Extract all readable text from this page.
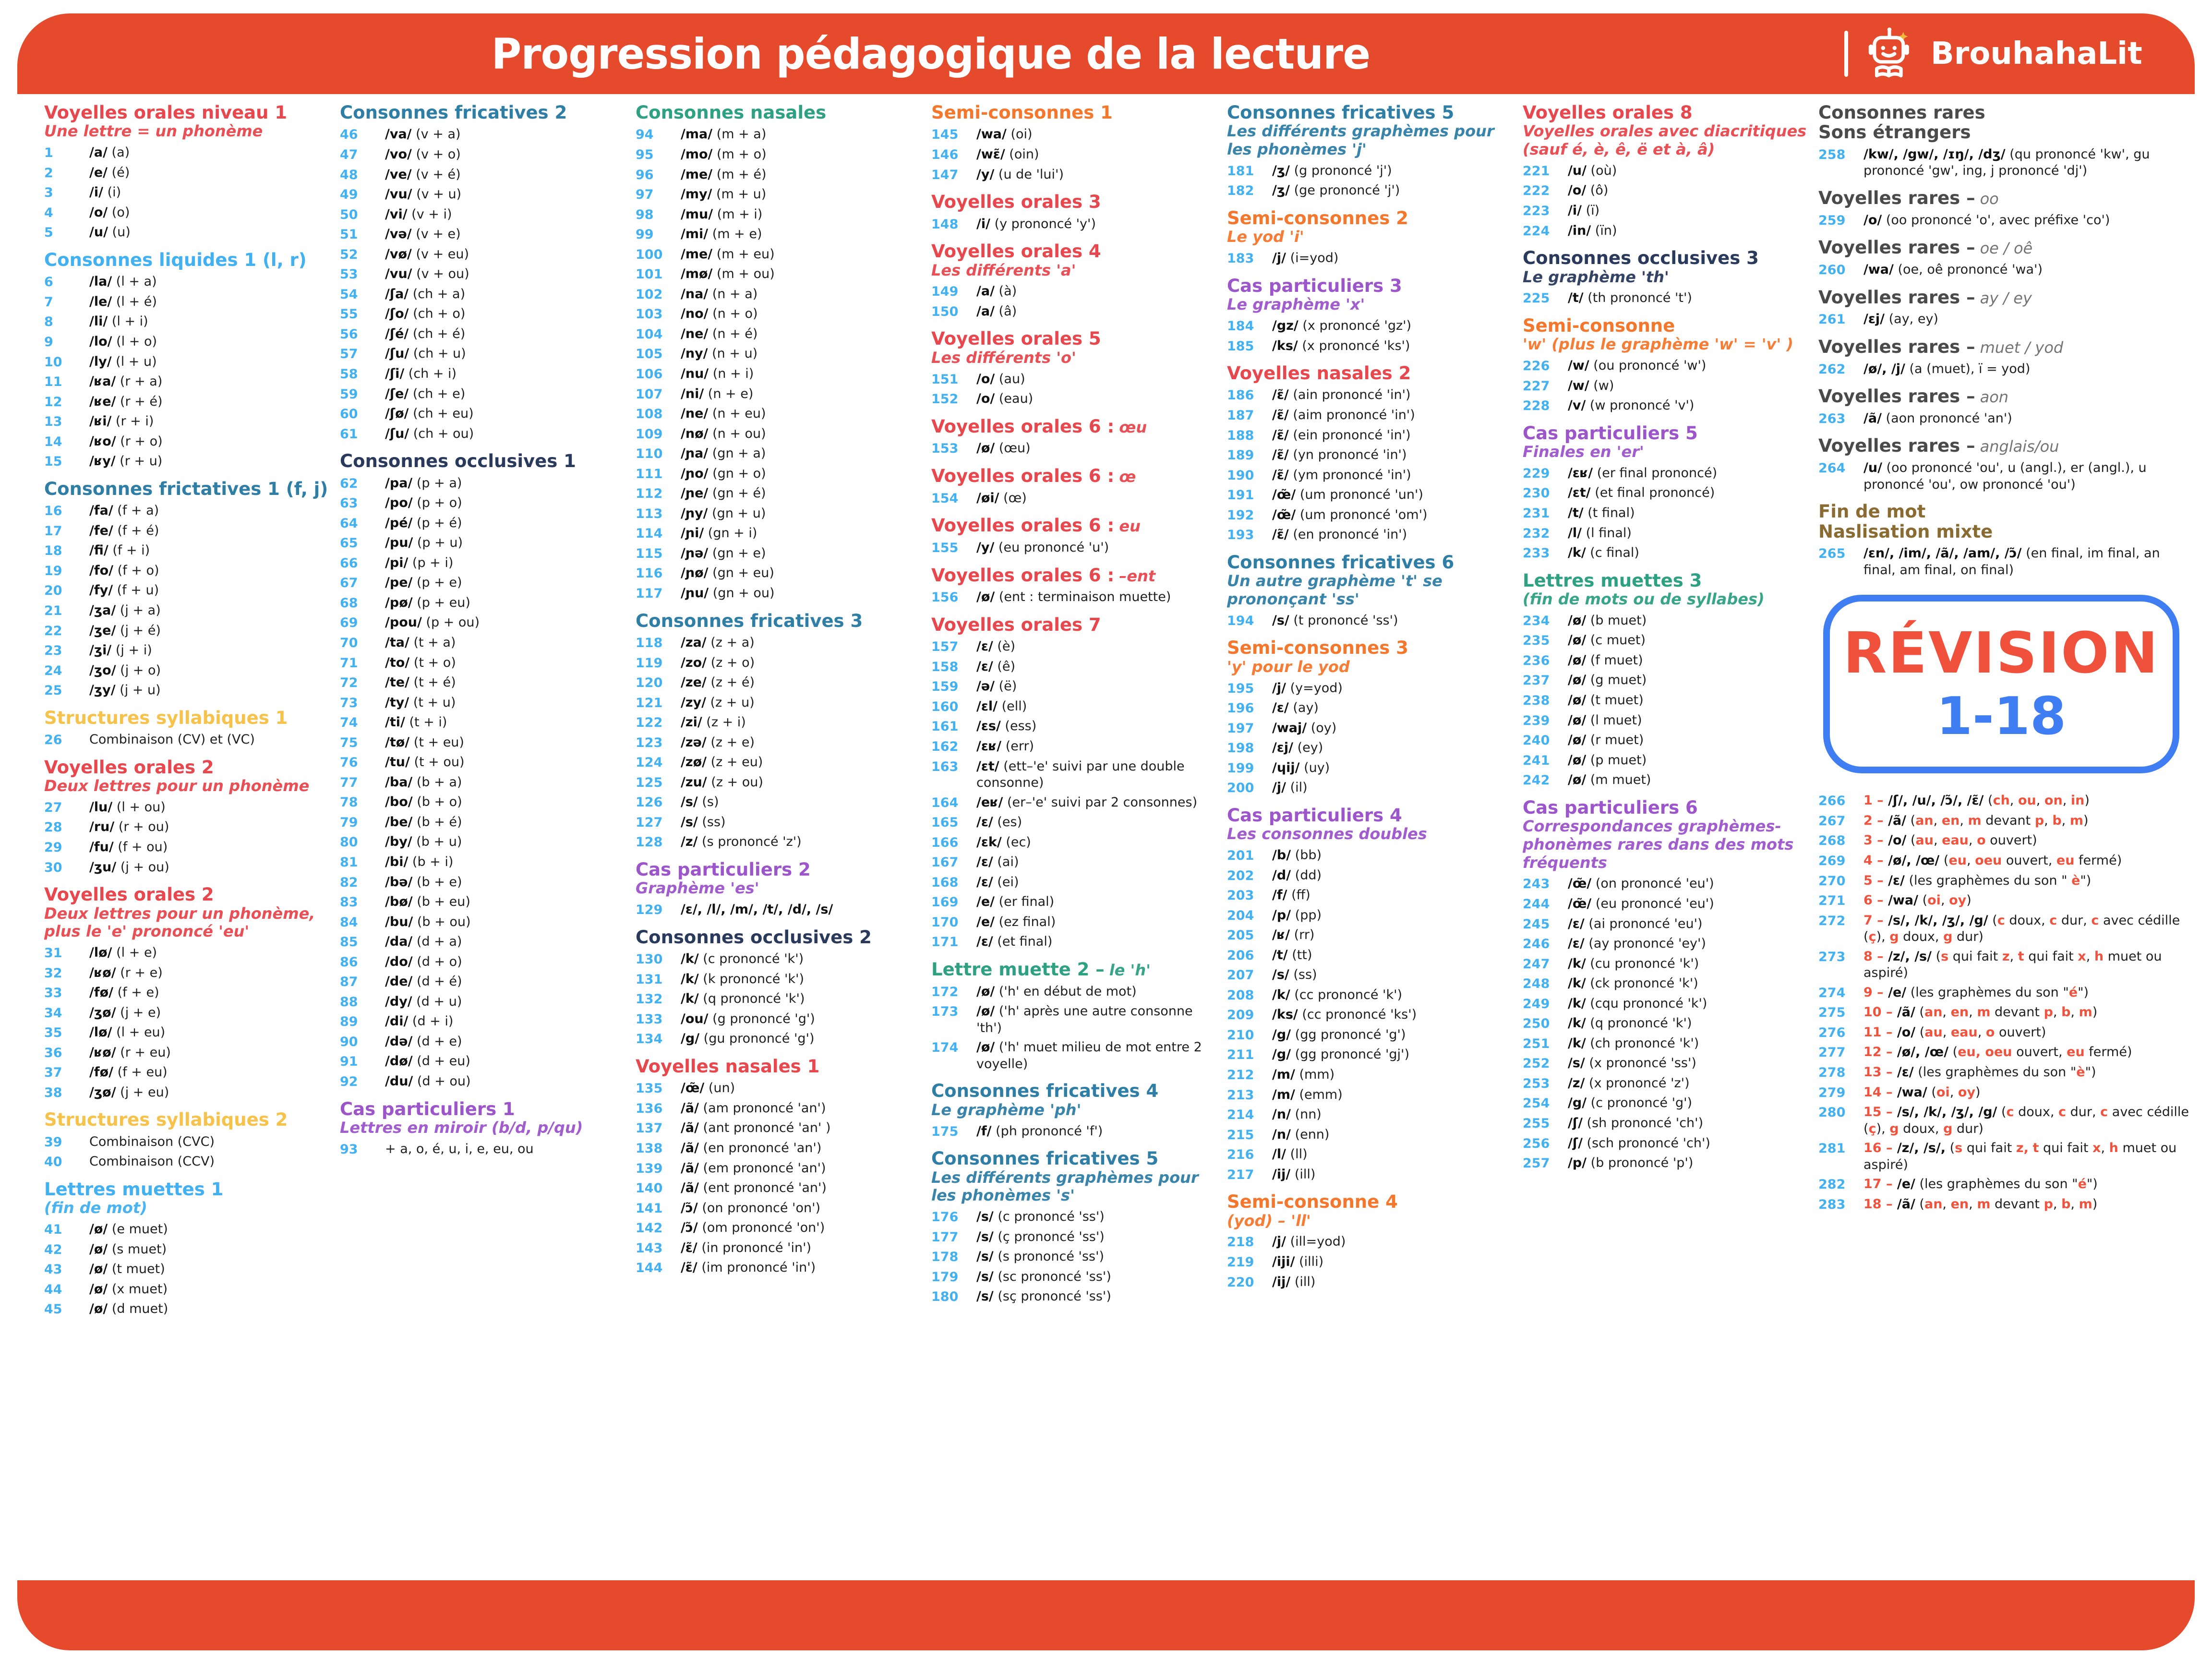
Progression pédagogique de la lecture	BrouhahaLit
Voyelles orales niveau 1
Une lettre = un phonème
1	/a/ (a)
2	/e/ (é)
3	/i/ (i)
4	/o/ (o)
5	/u/ (u)
Consonnes liquides 1 (l, r)
6	/la/ (l + a)
7	/le/ (l + é)
8	/li/ (l + i)
9	/lo/ (l + o)
10	/ly/ (l + u)
11	/ʁa/ (r + a)
12	/ʁe/ (r + é)
13	/ʁi/ (r + i)
14	/ʁo/ (r + o)
15	/ʁy/ (r + u)
Consonnes frictatives 1 (f, j)
16	/fa/ (f + a)
17	/fe/ (f + é)
18	/fi/ (f + i)
19	/fo/ (f + o)
20	/fy/ (f + u)
21	/ʒa/ (j + a)
22	/ʒe/ (j + é)
23	/ʒi/ (j + i)
24	/ʒo/ (j + o)
25	/ʒy/ (j + u)
Structures syllabiques 1
26	Combinaison (CV) et (VC)
Voyelles orales 2
Deux lettres pour un phonème
27	/lu/ (l + ou)
28	/ru/ (r + ou)
29	/fu/ (f + ou)
30	/ʒu/ (j + ou)
Voyelles orales 2
Deux lettres pour un phonème, plus le 'e' prononcé 'eu'
31	/lø/ (l + e)
32	/ʁø/ (r + e)
33	/fø/ (f + e)
34	/ʒø/ (j + e)
35	/lø/ (l + eu)
36	/ʁø/ (r + eu)
37	/fø/ (f + eu)
38	/ʒø/ (j + eu)
Structures syllabiques 2
39	Combinaison (CVC)
40	Combinaison (CCV)
Lettres muettes 1
(fin de mot)
41	/ø/ (e muet)
42	/ø/ (s muet)
43	/ø/ (t muet)
44	/ø/ (x muet)
45	/ø/ (d muet)
Consonnes fricatives 2
46	/va/ (v + a)
47	/vo/ (v + o)
48	/ve/ (v + é)
49	/vu/ (v + u)
50	/vi/ (v + i)
51	/və/ (v + e)
52	/vø/ (v + eu)
53	/vu/ (v + ou)
54	/ʃa/ (ch + a)
55	/ʃo/ (ch + o)
56	/ʃé/ (ch + é)
57	/ʃu/ (ch + u)
58	/ʃi/ (ch + i)
59	/ʃe/ (ch + e)
60	/ʃø/ (ch + eu)
61	/ʃu/ (ch + ou)
Consonnes occlusives 1
62	/pa/ (p + a)
63	/po/ (p + o)
64	/pé/ (p + é)
65	/pu/ (p + u)
66	/pi/ (p + i)
67	/pe/ (p + e)
68	/pø/ (p + eu)
69	/pou/ (p + ou)
70	/ta/ (t + a)
71	/to/ (t + o)
72	/te/ (t + é)
73	/ty/ (t + u)
74	/ti/ (t + i)
75	/tø/ (t + eu)
76	/tu/ (t + ou)
77	/ba/ (b + a)
78	/bo/ (b + o)
79	/be/ (b + é)
80	/by/ (b + u)
81	/bi/ (b + i)
82	/bə/ (b + e)
83	/bø/ (b + eu)
84	/bu/ (b + ou)
85	/da/ (d + a)
86	/do/ (d + o)
87	/de/ (d + é)
88	/dy/ (d + u)
89	/di/ (d + i)
90	/də/ (d + e)
91	/dø/ (d + eu)
92	/du/ (d + ou)
Cas particuliers 1
Lettres en miroir (b/d, p/qu)
93	+ a, o, é, u, i, e, eu, ou
Consonnes nasales
94	/ma/ (m + a)
95	/mo/ (m + o)
96	/me/ (m + é)
97	/my/ (m + u)
98	/mu/ (m + i)
99	/mi/ (m + e)
100	/me/ (m + eu)
101	/mø/ (m + ou)
102	/na/ (n + a)
103	/no/ (n + o)
104	/ne/ (n + é)
105	/ny/ (n + u)
106	/nu/ (n + i)
107	/ni/ (n + e)
108	/ne/ (n + eu)
109	/nø/ (n + ou)
110	/ɲa/ (gn + a)
111	/ɲo/ (gn + o)
112	/ɲe/ (gn + é)
113	/ɲy/ (gn + u)
114	/ɲi/ (gn + i)
115	/ɲə/ (gn + e)
116	/ɲø/ (gn + eu)
117	/ɲu/ (gn + ou)
Consonnes fricatives 3
118	/za/ (z + a)
119	/zo/ (z + o)
120	/ze/ (z + é)
121	/zy/ (z + u)
122	/zi/ (z + i)
123	/zə/ (z + e)
124	/zø/ (z + eu)
125	/zu/ (z + ou)
126	/s/ (s)
127	/s/ (ss)
128	/z/ (s prononcé 'z')
Cas particuliers 2
Graphème 'es'
129	/ɛ/, /l/, /m/, /t/, /d/, /s/
Consonnes occlusives 2
130	/k/ (c prononcé 'k')
131	/k/ (k prononcé 'k')
132	/k/ (q prononcé 'k')
133	/ou/ (g prononcé 'g')
134	/g/ (gu prononcé 'g')
Voyelles nasales 1
135	/œ̃/ (un)
136	/ã/ (am prononcé 'an')
137	/ã/ (ant prononcé 'an' )
138	/ã/ (en prononcé 'an')
139	/ã/ (em prononcé 'an')
140	/ã/ (ent prononcé 'an')
141	/ɔ̃/ (on prononcé 'on')
142	/ɔ̃/ (om prononcé 'on')
143	/ɛ̃/ (in prononcé 'in')
144	/ɛ̃/ (im prononcé 'in')
Semi-consonnes 1
145	/wa/ (oi)
146	/wɛ̃/ (oin)
147	/y/ (u de 'lui')
Voyelles orales 3
148	/i/ (y prononcé 'y')
Voyelles orales 4
Les différents 'a'
149	/a/ (à)
150	/a/ (â)
Voyelles orales 5
Les différents 'o'
151	/o/ (au)
152	/o/ (eau)
Voyelles orales 6 : œu
153	/ø/ (œu)
Voyelles orales 6 : œ
154	/øi/ (œ)
Voyelles orales 6 : eu
155	/y/ (eu prononcé 'u')
Voyelles orales 6 : –ent
156	/ø/ (ent : terminaison muette)
Voyelles orales 7
157	/ɛ/ (è)
158	/ɛ/ (ê)
159	/ə/ (ë)
160	/ɛl/ (ell)
161	/ɛs/ (ess)
162	/ɛʁ/ (err)
163	/ɛt/ (ett–'e' suivi par une double consonne)
164	/eʁ/ (er–'e' suivi par 2 consonnes)
165	/ɛ/ (es)
166	/ɛk/ (ec)
167	/ɛ/ (ai)
168	/ɛ/ (ei)
169	/e/ (er final)
170	/e/ (ez final)
171	/ɛ/ (et final)
Lettre muette 2 – le 'h'
172	/ø/ ('h' en début de mot)
173	/ø/ ('h' après une autre consonne 'th')
174	/ø/ ('h' muet milieu de mot entre 2 voyelle)
Consonnes fricatives 4
Le graphème 'ph'
175	/f/ (ph prononcé 'f')
Consonnes fricatives 5
Les différents graphèmes pour les phonèmes 's'
176	/s/ (c prononcé 'ss')
177	/s/ (ç prononcé 'ss')
178	/s/ (s prononcé 'ss')
179	/s/ (sc prononcé 'ss')
180	/s/ (sç prononcé 'ss')
Consonnes fricatives 5
Les différents graphèmes pour les phonèmes 'j'
181	/ʒ/ (g prononcé 'j')
182	/ʒ/ (ge prononcé 'j')
Semi-consonnes 2
Le yod 'i'
183	/j/ (i=yod)
Cas particuliers 3
Le graphème 'x'
184	/gz/ (x prononcé 'gz')
185	/ks/ (x prononcé 'ks')
Voyelles nasales 2
186	/ɛ̃/ (ain prononcé 'in')
187	/ɛ̃/ (aim prononcé 'in')
188	/ɛ̃/ (ein prononcé 'in')
189	/ɛ̃/ (yn prononcé 'in')
190	/ɛ̃/ (ym prononcé 'in')
191	/œ̃/ (um prononcé 'un')
192	/œ̃/ (um prononcé 'om')
193	/ɛ̃/ (en prononcé 'in')
Consonnes fricatives 6
Un autre graphème 't' se prononçant 'ss'
194	/s/ (t prononcé 'ss')
Semi-consonnes 3
'y' pour le yod
195	/j/ (y=yod)
196	/ɛ/ (ay)
197	/waj/ (oy)
198	/ɛj/ (ey)
199	/ɥij/ (uy)
200	/j/ (il)
Cas particuliers 4
Les consonnes doubles
201	/b/ (bb)
202	/d/ (dd)
203	/f/ (ff)
204	/p/ (pp)
205	/ʁ/ (rr)
206	/t/ (tt)
207	/s/ (ss)
208	/k/ (cc prononcé 'k')
209	/ks/ (cc prononcé 'ks')
210	/g/ (gg prononcé 'g')
211	/g/ (gg prononcé 'gj')
212	/m/ (mm)
213	/m/ (emm)
214	/n/ (nn)
215	/n/ (enn)
216	/l/ (ll)
217	/ij/ (ill)
Semi-consonne 4
(yod) – 'll'
218	/j/ (ill=yod)
219	/iji/ (illi)
220	/ij/ (ill)
Voyelles orales 8
Voyelles orales avec diacritiques (sauf é, è, ê, ë et à, â)
221	/u/ (où)
222	/o/ (ô)
223	/i/ (ï)
224	/in/ (ïn)
Consonnes occlusives 3
Le graphème 'th'
225	/t/ (th prononcé 't')
Semi-consonne
'w' (plus le graphème 'w' = 'v' )
226	/w/ (ou prononcé 'w')
227	/w/ (w)
228	/v/ (w prononcé 'v')
Cas particuliers 5
Finales en 'er'
229	/ɛʁ/ (er final prononcé)
230	/ɛt/ (et final prononcé)
231	/t/ (t final)
232	/l/ (l final)
233	/k/ (c final)
Lettres muettes 3
(fin de mots ou de syllabes)
234	/ø/ (b muet)
235	/ø/ (c muet)
236	/ø/ (f muet)
237	/ø/ (g muet)
238	/ø/ (t muet)
239	/ø/ (l muet)
240	/ø/ (r muet)
241	/ø/ (p muet)
242	/ø/ (m muet)
Cas particuliers 6
Correspondances graphèmes-phonèmes rares dans des mots fréquents
243	/œ̃/ (on prononcé 'eu')
244	/œ̃/ (eu prononcé 'eu')
245	/ɛ/ (ai prononcé 'eu')
246	/ɛ/ (ay prononcé 'ey')
247	/k/ (cu prononcé 'k')
248	/k/ (ck prononcé 'k')
249	/k/ (cqu prononcé 'k')
250	/k/ (q prononcé 'k')
251	/k/ (ch prononcé 'k')
252	/s/ (x prononcé 'ss')
253	/z/ (x prononcé 'z')
254	/g/ (c prononcé 'g')
255	/ʃ/ (sh prononcé 'ch')
256	/ʃ/ (sch prononcé 'ch')
257	/p/ (b prononcé 'p')
Consonnes rares
Sons étrangers
258	/kw/, /gw/, /ɪŋ/, /dʒ/ (qu prononcé 'kw', gu prononcé 'gw', ing, j prononcé 'dj')
Voyelles rares – oo
259	/o/ (oo prononcé 'o', avec préfixe 'co')
Voyelles rares – oe / oê
260	/wa/ (oe, oê prononcé 'wa')
Voyelles rares – ay / ey
261	/ɛj/ (ay, ey)
Voyelles rares – muet / yod
262	/ø/, /j/ (a (muet), ï = yod)
Voyelles rares – aon
263	/ã/ (aon prononcé 'an')
Voyelles rares – anglais/ou
264	/u/ (oo prononcé 'ou', u (angl.), er (angl.), u prononcé 'ou', ow prononcé 'ou')
Fin de mot
Naslisation mixte
265	/ɛn/, /im/, /ã/, /am/, /ɔ̃/ (en final, im final, an final, am final, on final)
RÉVISION
1-18
266	1 – /ʃ/, /u/, /ɔ̃/, /ɛ̃/ (ch, ou, on, in)
267	2 – /ã/ (an, en, m devant p, b, m)
268	3 – /o/ (au, eau, o ouvert)
269	4 – /ø/, /œ/ (eu, oeu ouvert, eu fermé)
270	5 – /ɛ/ (les graphèmes du son " è")
271	6 – /wa/ (oi, oy)
272	7 – /s/, /k/, /ʒ/, /g/ (c doux, c dur, c avec cédille (ç), g doux, g dur)
273	8 – /z/, /s/ (s qui fait z, t qui fait x, h muet ou aspiré)
274	9 – /e/ (les graphèmes du son "é")
275	10 – /ã/ (an, en, m devant p, b, m)
276	11 – /o/ (au, eau, o ouvert)
277	12 – /ø/, /œ/ (eu, oeu ouvert, eu fermé)
278	13 – /ɛ/ (les graphèmes du son "è")
279	14 – /wa/ (oi, oy)
280	15 – /s/, /k/, /ʒ/, /g/ (c doux, c dur, c avec cédille (ç), g doux, g dur)
281	16 – /z/, /s/, (s qui fait z, t qui fait x, h muet ou aspiré)
282	17 – /e/ (les graphèmes du son "é")
283	18 – /ã/ (an, en, m devant p, b, m)
